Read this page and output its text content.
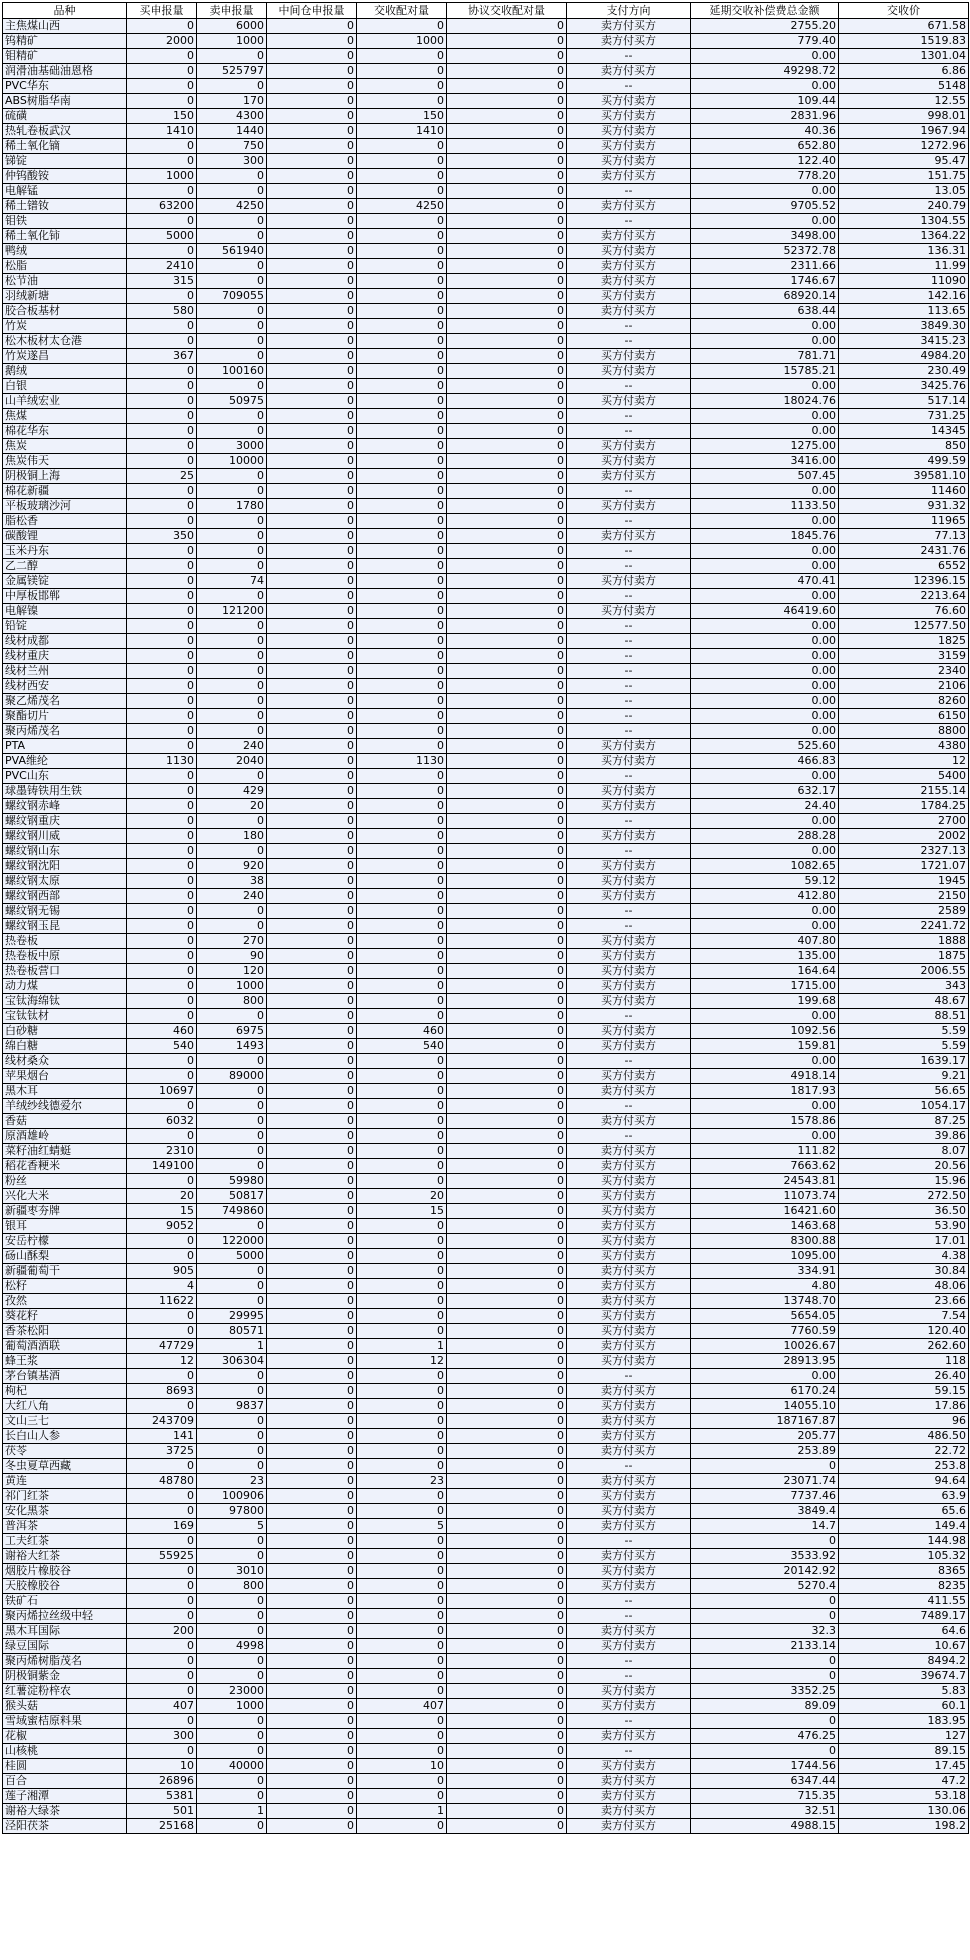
品种	买申报量	卖申报量	中间仓申报量	交收配对量	协议交收配对量	支付方向	延期交收补偿费总金额	交收价
主焦煤山西	0	6000	0	0	0	卖方付买方	2755.20	671.58
钨精矿	2000	1000	0	1000	0	卖方付买方	779.40	1519.83
钼精矿	0	0	0	0	0	--	0.00	1301.04
润滑油基础油恩格	0	525797	0	0	0	卖方付买方	49298.72	6.86
PVC华东	0	0	0	0	0	--	0.00	5148
ABS树脂华南	0	170	0	0	0	买方付卖方	109.44	12.55
硫磺	150	4300	0	150	0	买方付卖方	2831.96	998.01
热轧卷板武汉	1410	1440	0	1410	0	买方付卖方	40.36	1967.94
稀土氧化镝	0	750	0	0	0	买方付卖方	652.80	1272.96
锑锭	0	300	0	0	0	买方付卖方	122.40	95.47
仲钨酸铵	1000	0	0	0	0	卖方付买方	778.20	151.75
电解锰	0	0	0	0	0	--	0.00	13.05
稀土镨钕	63200	4250	0	4250	0	卖方付买方	9705.52	240.79
钼铁	0	0	0	0	0	--	0.00	1304.55
稀土氧化铈	5000	0	0	0	0	卖方付买方	3498.00	1364.22
鸭绒	0	561940	0	0	0	买方付卖方	52372.78	136.31
松脂	2410	0	0	0	0	卖方付买方	2311.66	11.99
松节油	315	0	0	0	0	卖方付买方	1746.67	11090
羽绒新塘	0	709055	0	0	0	买方付卖方	68920.14	142.16
胶合板基材	580	0	0	0	0	卖方付买方	638.44	113.65
竹炭	0	0	0	0	0	--	0.00	3849.30
松木板材太仓港	0	0	0	0	0	--	0.00	3415.23
竹炭遂昌	367	0	0	0	0	买方付卖方	781.71	4984.20
鹅绒	0	100160	0	0	0	买方付卖方	15785.21	230.49
白银	0	0	0	0	0	--	0.00	3425.76
山羊绒宏业	0	50975	0	0	0	买方付卖方	18024.76	517.14
焦煤	0	0	0	0	0	--	0.00	731.25
棉花华东	0	0	0	0	0	--	0.00	14345
焦炭	0	3000	0	0	0	买方付卖方	1275.00	850
焦炭伟天	0	10000	0	0	0	买方付卖方	3416.00	499.59
阴极铜上海	25	0	0	0	0	卖方付买方	507.45	39581.10
棉花新疆	0	0	0	0	0	--	0.00	11460
平板玻璃沙河	0	1780	0	0	0	买方付卖方	1133.50	931.32
脂松香	0	0	0	0	0	--	0.00	11965
碳酸锂	350	0	0	0	0	卖方付买方	1845.76	77.13
玉米丹东	0	0	0	0	0	--	0.00	2431.76
乙二醇	0	0	0	0	0	--	0.00	6552
金属镁锭	0	74	0	0	0	买方付卖方	470.41	12396.15
中厚板邯郸	0	0	0	0	0	--	0.00	2213.64
电解镍	0	121200	0	0	0	买方付卖方	46419.60	76.60
铅锭	0	0	0	0	0	--	0.00	12577.50
线材成都	0	0	0	0	0	--	0.00	1825
线材重庆	0	0	0	0	0	--	0.00	3159
线材兰州	0	0	0	0	0	--	0.00	2340
线材西安	0	0	0	0	0	--	0.00	2106
聚乙烯茂名	0	0	0	0	0	--	0.00	8260
聚酯切片	0	0	0	0	0	--	0.00	6150
聚丙烯茂名	0	0	0	0	0	--	0.00	8800
PTA	0	240	0	0	0	买方付卖方	525.60	4380
PVA维纶	1130	2040	0	1130	0	买方付卖方	466.83	12
PVC山东	0	0	0	0	0	--	0.00	5400
球墨铸铁用生铁	0	429	0	0	0	买方付卖方	632.17	2155.14
螺纹钢赤峰	0	20	0	0	0	买方付卖方	24.40	1784.25
螺纹钢重庆	0	0	0	0	0	--	0.00	2700
螺纹钢川威	0	180	0	0	0	买方付卖方	288.28	2002
螺纹钢山东	0	0	0	0	0	--	0.00	2327.13
螺纹钢沈阳	0	920	0	0	0	买方付卖方	1082.65	1721.07
螺纹钢太原	0	38	0	0	0	买方付卖方	59.12	1945
螺纹钢西部	0	240	0	0	0	买方付卖方	412.80	2150
螺纹钢无锡	0	0	0	0	0	--	0.00	2589
螺纹钢玉昆	0	0	0	0	0	--	0.00	2241.72
热卷板	0	270	0	0	0	买方付卖方	407.80	1888
热卷板中原	0	90	0	0	0	买方付卖方	135.00	1875
热卷板营口	0	120	0	0	0	买方付卖方	164.64	2006.55
动力煤	0	1000	0	0	0	买方付卖方	1715.00	343
宝钛海绵钛	0	800	0	0	0	买方付卖方	199.68	48.67
宝钛钛材	0	0	0	0	0	--	0.00	88.51
白砂糖	460	6975	0	460	0	买方付卖方	1092.56	5.59
绵白糖	540	1493	0	540	0	买方付卖方	159.81	5.59
线材桑众	0	0	0	0	0	--	0.00	1639.17
苹果烟台	0	89000	0	0	0	买方付卖方	4918.14	9.21
黑木耳	10697	0	0	0	0	卖方付买方	1817.93	56.65
羊绒纱线德爱尔	0	0	0	0	0	--	0.00	1054.17
香菇	6032	0	0	0	0	卖方付买方	1578.86	87.25
原酒雄岭	0	0	0	0	0	--	0.00	39.86
菜籽油红蜻蜓	2310	0	0	0	0	卖方付买方	111.82	8.07
稻花香粳米	149100	0	0	0	0	卖方付买方	7663.62	20.56
粉丝	0	59980	0	0	0	买方付卖方	24543.81	15.96
兴化大米	20	50817	0	20	0	买方付卖方	11073.74	272.50
新疆枣夯牌	15	749860	0	15	0	买方付卖方	16421.60	36.50
银耳	9052	0	0	0	0	卖方付买方	1463.68	53.90
安岳柠檬	0	122000	0	0	0	买方付卖方	8300.88	17.01
砀山酥梨	0	5000	0	0	0	买方付卖方	1095.00	4.38
新疆葡萄干	905	0	0	0	0	卖方付买方	334.91	30.84
松籽	4	0	0	0	0	卖方付买方	4.80	48.06
孜然	11622	0	0	0	0	卖方付买方	13748.70	23.66
葵花籽	0	29995	0	0	0	买方付卖方	5654.05	7.54
香茶松阳	0	80571	0	0	0	买方付卖方	7760.59	120.40
葡萄酒酒联	47729	1	0	1	0	卖方付买方	10026.67	262.60
蜂王浆	12	306304	0	12	0	买方付卖方	28913.95	118
茅台镇基酒	0	0	0	0	0	--	0.00	26.40
枸杞	8693	0	0	0	0	卖方付买方	6170.24	59.15
大红八角	0	9837	0	0	0	买方付卖方	14055.10	17.86
文山三七	243709	0	0	0	0	卖方付买方	187167.87	96
长白山人参	141	0	0	0	0	卖方付买方	205.77	486.50
茯苓	3725	0	0	0	0	卖方付买方	253.89	22.72
冬虫夏草西藏	0	0	0	0	0	--	0	253.8
黄连	48780	23	0	23	0	卖方付买方	23071.74	94.64
祁门红茶	0	100906	0	0	0	买方付卖方	7737.46	63.9
安化黑茶	0	97800	0	0	0	买方付卖方	3849.4	65.6
普洱茶	169	5	0	5	0	卖方付买方	14.7	149.4
工夫红茶	0	0	0	0	0	--	0	144.98
谢裕大红茶	55925	0	0	0	0	卖方付买方	3533.92	105.32
烟胶片橡胶谷	0	3010	0	0	0	买方付卖方	20142.92	8365
天胶橡胶谷	0	800	0	0	0	买方付卖方	5270.4	8235
铁矿石	0	0	0	0	0	--	0	411.55
聚丙烯拉丝级中轻	0	0	0	0	0	--	0	7489.17
黑木耳国际	200	0	0	0	0	卖方付买方	32.3	64.6
绿豆国际	0	4998	0	0	0	买方付卖方	2133.14	10.67
聚丙烯树脂茂名	0	0	0	0	0	--	0	8494.2
阴极铜紫金	0	0	0	0	0	--	0	39674.7
红薯淀粉梓农	0	23000	0	0	0	买方付卖方	3352.25	5.83
猴头菇	407	1000	0	407	0	买方付卖方	89.09	60.1
雪域蜜桔原料果	0	0	0	0	0	--	0	183.95
花椒	300	0	0	0	0	卖方付买方	476.25	127
山核桃	0	0	0	0	0	--	0	89.15
桂圆	10	40000	0	10	0	买方付卖方	1744.56	17.45
百合	26896	0	0	0	0	卖方付买方	6347.44	47.2
莲子湘潭	5381	0	0	0	0	卖方付买方	715.35	53.18
谢裕大绿茶	501	1	0	1	0	卖方付买方	32.51	130.06
泾阳茯茶	25168	0	0	0	0	卖方付买方	4988.15	198.2
